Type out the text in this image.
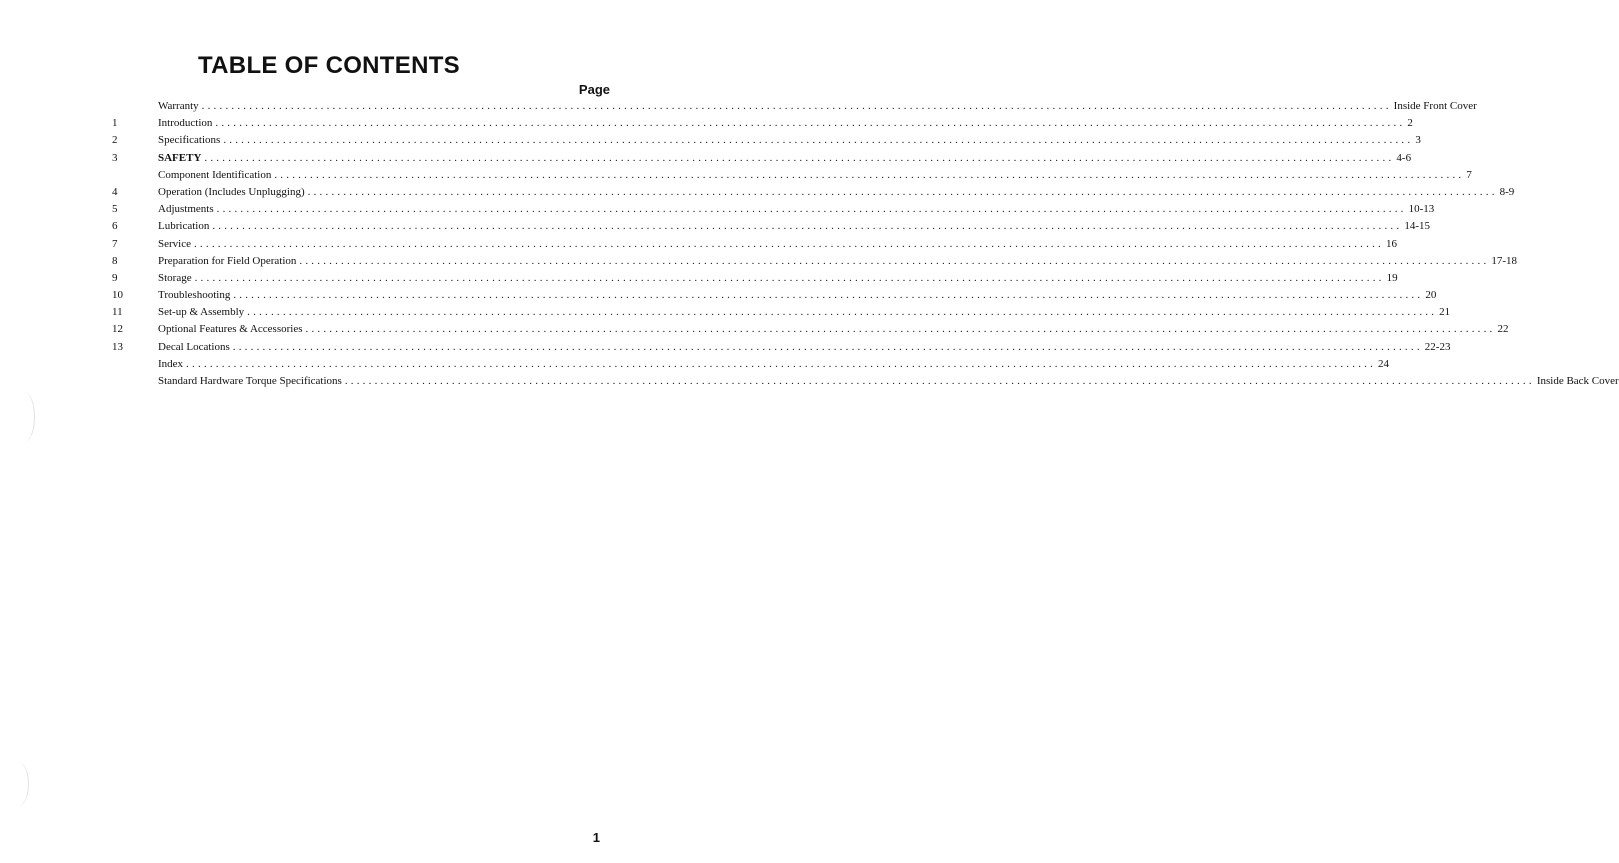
TABLE OF CONTENTS
Page
Warranty ........................................................................................................................................................................................................ Inside Front Cover
1	Introduction ........................................................................................................................................................................................................ 2
2	Specifications ........................................................................................................................................................................................................ 3
3	SAFETY ........................................................................................................................................................................................................ 4-6
Component Identification ........................................................................................................................................................................................................ 7
4	Operation (Includes Unplugging) ........................................................................................................................................................................................................ 8-9
5	Adjustments ........................................................................................................................................................................................................ 10-13
6	Lubrication ........................................................................................................................................................................................................ 14-15
7	Service ........................................................................................................................................................................................................ 16
8	Preparation for Field Operation ........................................................................................................................................................................................................ 17-18
9	Storage ........................................................................................................................................................................................................ 19
10	Troubleshooting ........................................................................................................................................................................................................ 20
11	Set-up & Assembly ........................................................................................................................................................................................................ 21
12	Optional Features & Accessories ........................................................................................................................................................................................................ 22
13	Decal Locations ........................................................................................................................................................................................................ 22-23
Index ........................................................................................................................................................................................................ 24
Standard Hardware Torque Specifications ........................................................................................................................................................................................................ Inside Back Cover
1
